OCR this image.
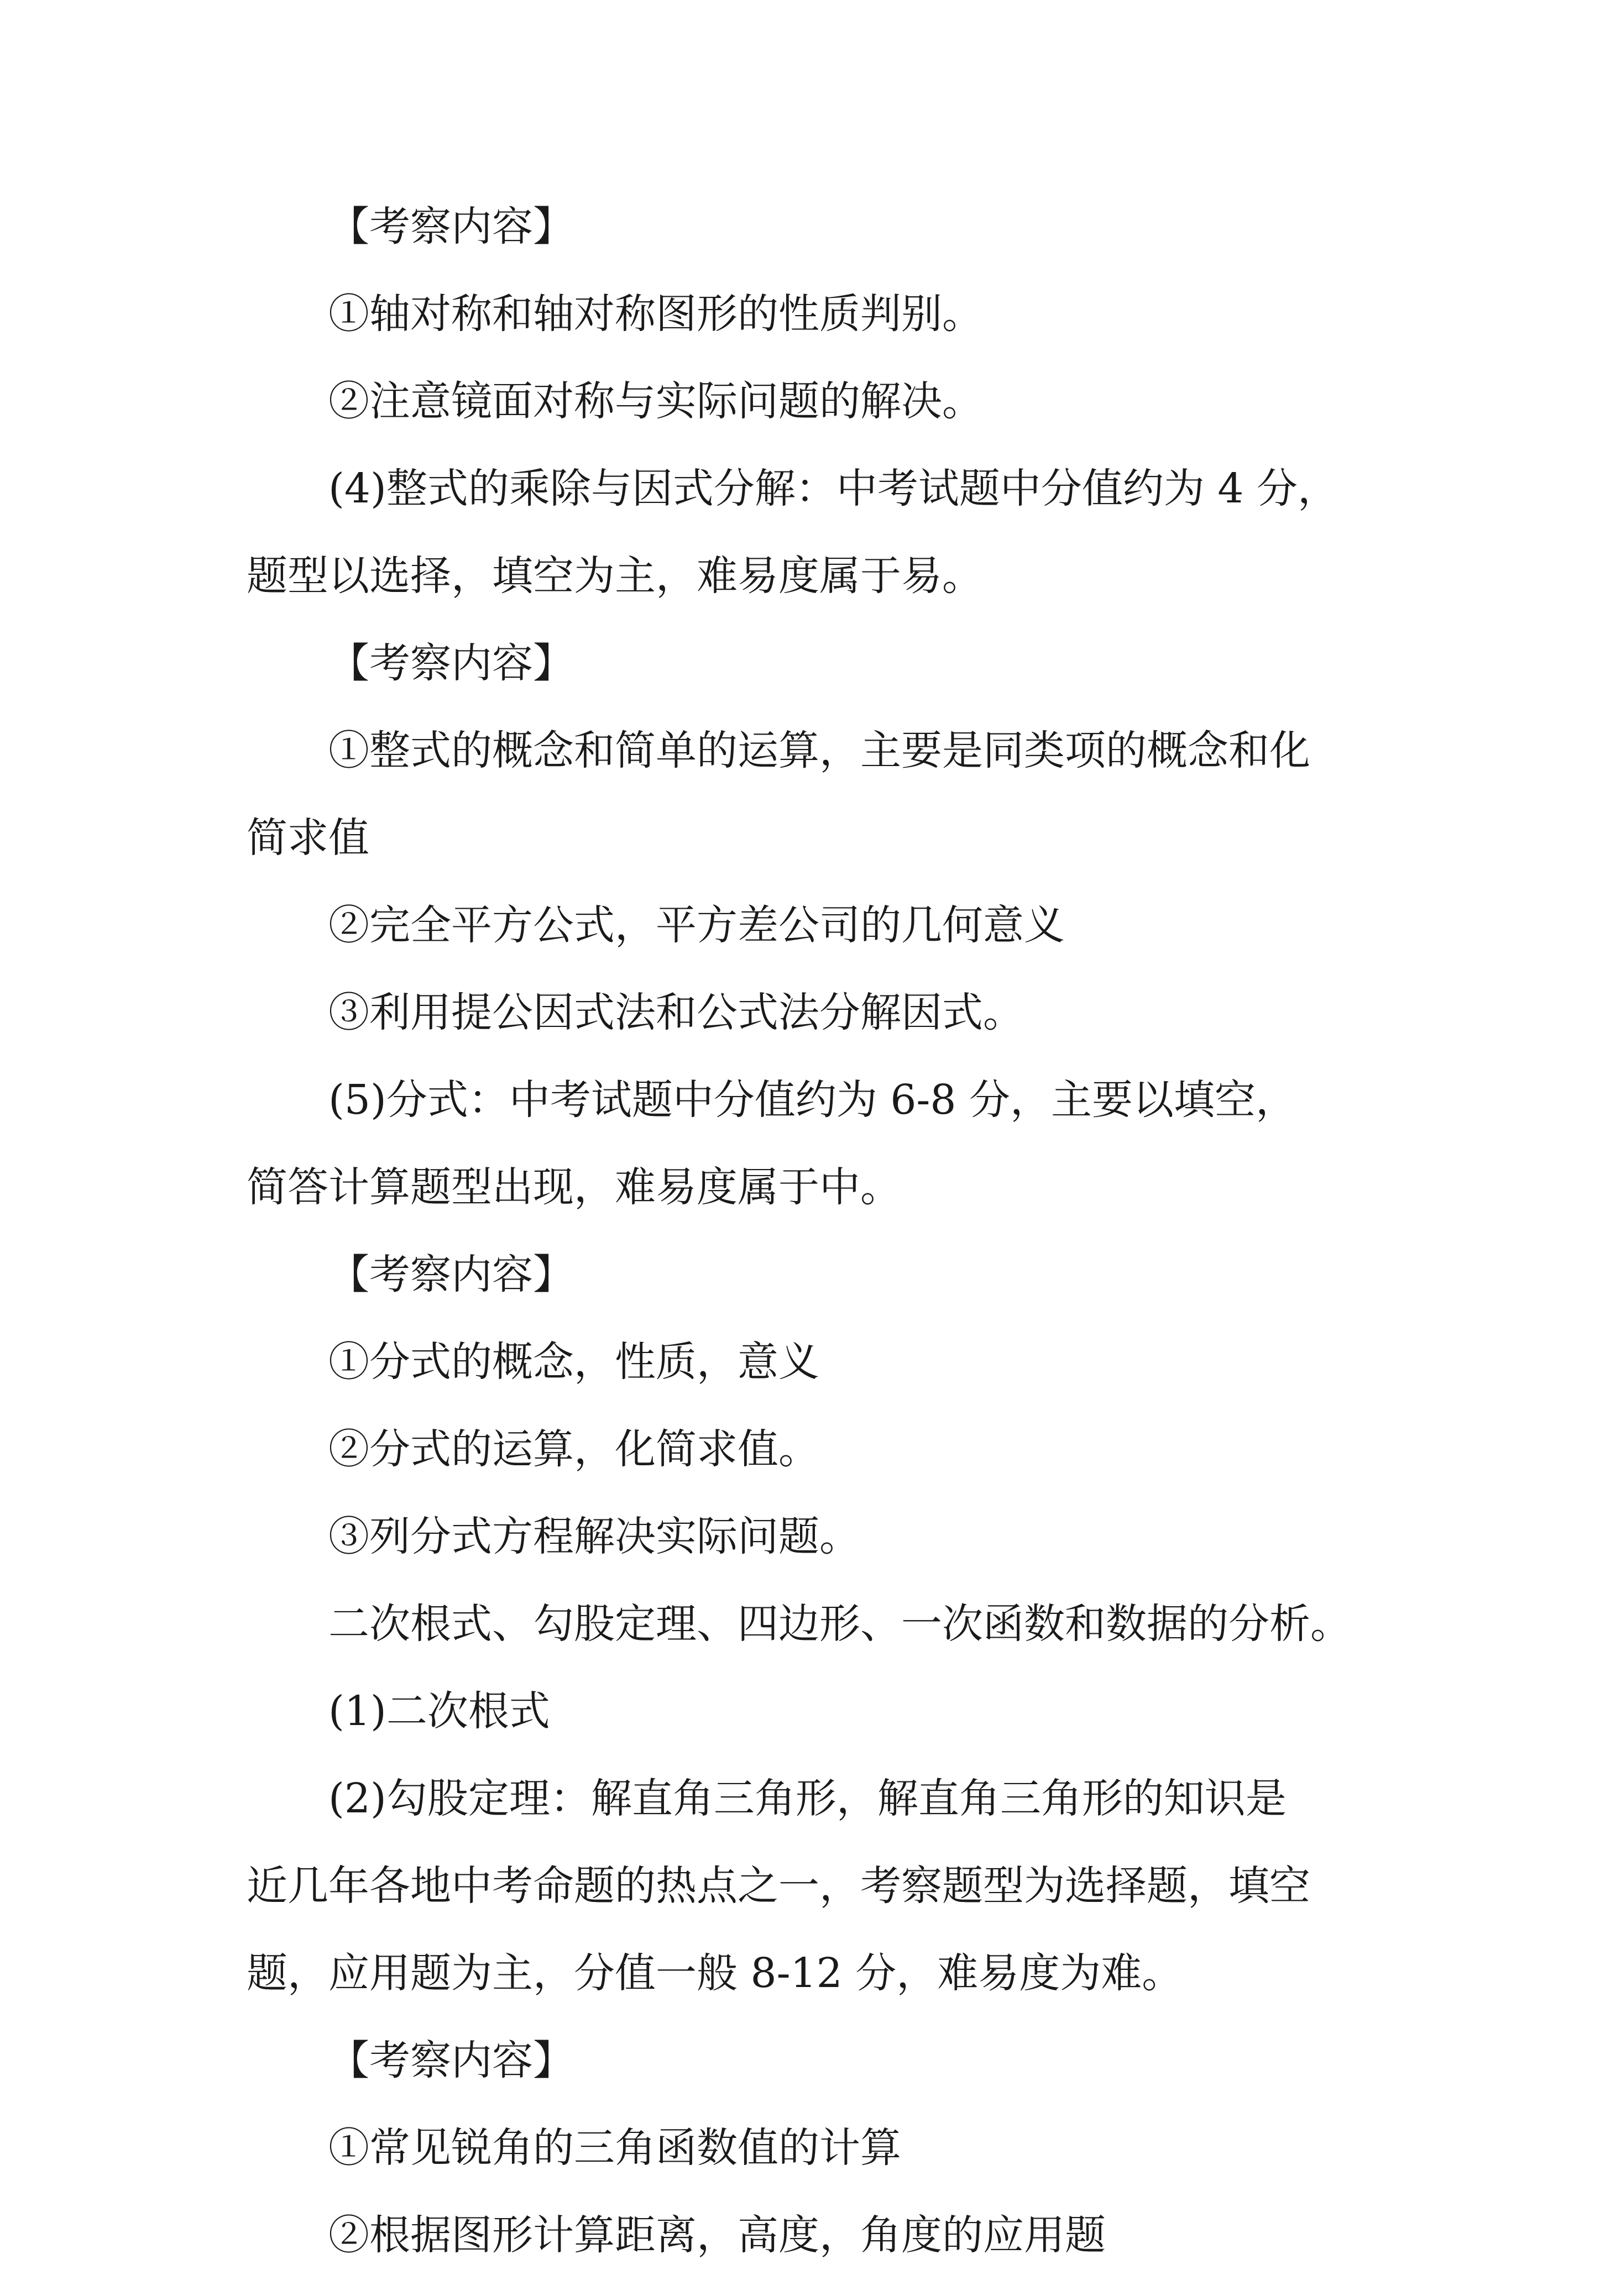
【考察内容】
①轴对称和轴对称图形的性质判别。
②注意镜面对称与实际问题的解决。
(4)整式的乘除与因式分解：中考试题中分值约为 4 分，
题型以选择，填空为主，难易度属于易。
【考察内容】
①整式的概念和简单的运算，主要是同类项的概念和化
简求值
②完全平方公式，平方差公司的几何意义
③利用提公因式法和公式法分解因式。
(5)分式：中考试题中分值约为 6-8 分，主要以填空，
简答计算题型出现，难易度属于中。
【考察内容】
①分式的概念，性质，意义
②分式的运算，化简求值。
③列分式方程解决实际问题。
二次根式、勾股定理、四边形、一次函数和数据的分析。
(1)二次根式
(2)勾股定理：解直角三角形，解直角三角形的知识是
近几年各地中考命题的热点之一，考察题型为选择题，填空
题，应用题为主，分值一般 8-12 分，难易度为难。
【考察内容】
①常见锐角的三角函数值的计算
②根据图形计算距离，高度，角度的应用题
